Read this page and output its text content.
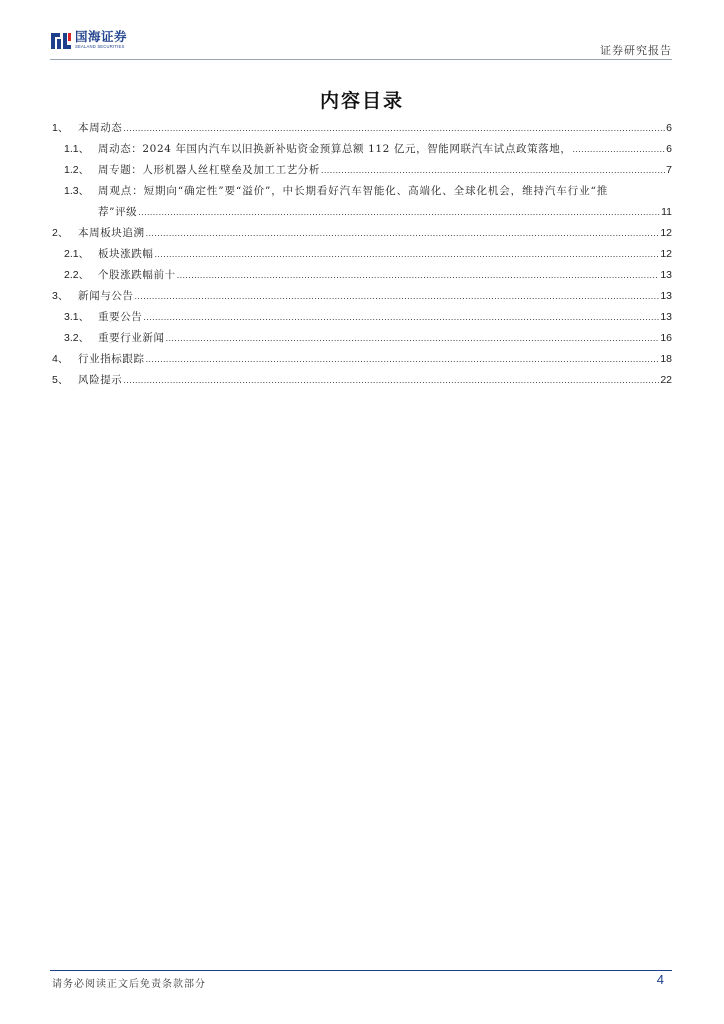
国海证券
SEALAND SECURITIES	证券研究报告
内容目录
1、 本周动态 .....	6
1.1、 周动态：2024 年国内汽车以旧换新补贴资金预算总额 112 亿元，智能网联汽车试点政策落地， .....	6
1.2、 周专题：人形机器人丝杠壁垒及加工工艺分析 .....	7
1.3、 周观点：短期向“确定性”要“溢价”，中长期看好汽车智能化、高端化、全球化机会，维持汽车行业“推
荐”评级 .....	11
2、 本周板块追溯 .....	12
2.1、 板块涨跌幅 .....	12
2.2、 个股涨跌幅前十 .....	13
3、 新闻与公告 .....	13
3.1、 重要公告 .....	13
3.2、 重要行业新闻 .....	16
4、 行业指标跟踪 .....	18
5、 风险提示 .....	22
请务必阅读正文后免责条款部分	4
